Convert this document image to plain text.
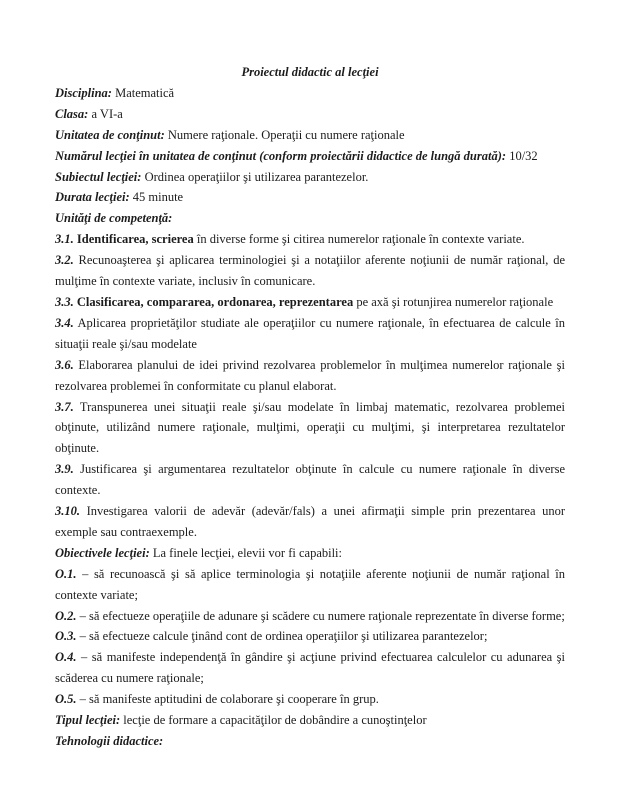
Proiectul didactic al lecţiei

Disciplina: Matematică

Clasa: a VI-a

Unitatea de conţinut: Numere raţionale. Operaţii cu numere raţionale

Numărul lecţiei în unitatea de conţinut (conform proiectării didactice de lungă durată): 10/32

Subiectul lecţiei: Ordinea operaţiilor şi utilizarea parantezelor.

Durata lecţiei: 45 minute

Unităţi de competenţă:

3.1. Identificarea, scrierea în diverse forme şi citirea numerelor raţionale în contexte variate.

3.2. Recunoaşterea şi aplicarea terminologiei şi a notaţiilor aferente noţiunii de număr raţional, de mulţime în contexte variate, inclusiv în comunicare.

3.3. Clasificarea, compararea, ordonarea, reprezentarea pe axă şi rotunjirea numerelor raţionale

3.4. Aplicarea proprietăţilor studiate ale operaţiilor cu numere raţionale, în efectuarea de calcule în situaţii reale şi/sau modelate

3.6. Elaborarea planului de idei privind rezolvarea problemelor în mulţimea numerelor raţionale şi rezolvarea problemei în conformitate cu planul elaborat.

3.7. Transpunerea unei situaţii reale şi/sau modelate în limbaj matematic, rezolvarea problemei obţinute, utilizând numere raţionale, mulţimi, operaţii cu mulţimi, şi interpretarea rezultatelor obţinute.

3.9. Justificarea şi argumentarea rezultatelor obţinute în calcule cu numere raţionale în diverse contexte.

3.10. Investigarea valorii de adevăr (adevăr/fals) a unei afirmaţii simple prin prezentarea unor exemple sau contraexemple.

Obiectivele lecţiei: La finele lecţiei, elevii vor fi capabili:

O.1. – să recunoască şi să aplice terminologia şi notaţiile aferente noţiunii de număr raţional în contexte variate;

O.2. – să efectueze operaţiile de adunare şi scădere cu numere raţionale reprezentate în diverse forme;

O.3. – să efectueze calcule ţinând cont de ordinea operaţiilor şi utilizarea parantezelor;

O.4. – să manifeste independenţă în gândire şi acţiune privind efectuarea calculelor cu adunarea şi scăderea cu numere raţionale;

O.5. – să manifeste aptitudini de colaborare şi cooperare în grup.

Tipul lecţiei: lecţie de formare a capacităţilor de dobândire a cunoştinţelor

Tehnologii didactice:
